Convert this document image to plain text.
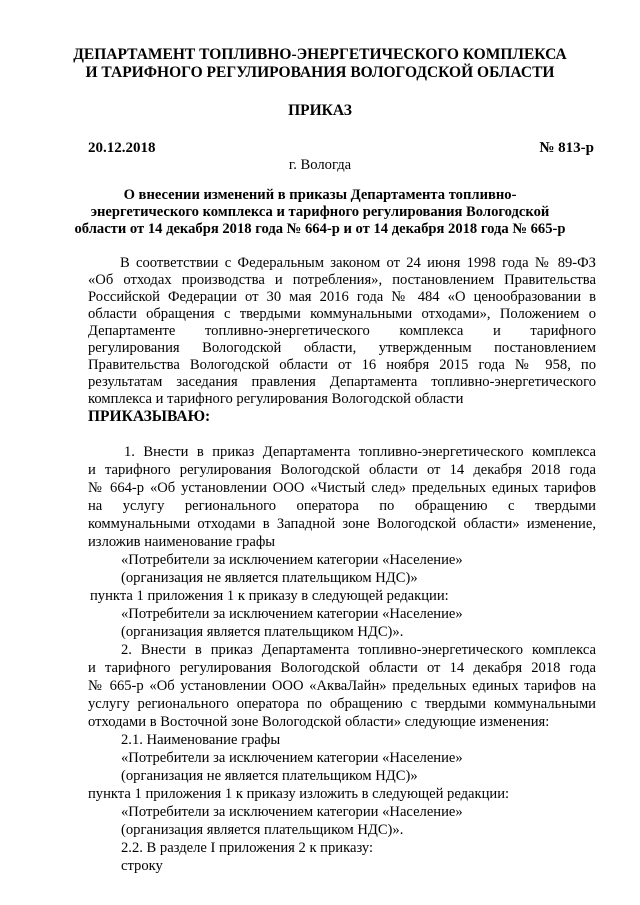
ДЕПАРТАМЕНТ ТОПЛИВНО-ЭНЕРГЕТИЧЕСКОГО КОМПЛЕКСА
И ТАРИФНОГО РЕГУЛИРОВАНИЯ ВОЛОГОДСКОЙ ОБЛАСТИ
ПРИКАЗ
20.12.2018	№ 813-р
г. Вологда
О внесении изменений в приказы Департамента топливно-
энергетического комплекса и тарифного регулирования Вологодской
области от 14 декабря 2018 года № 664-р и от 14 декабря 2018 года № 665-р
В соответствии с Федеральным законом от 24 июня 1998 года № 89-ФЗ
«Об отходах производства и потребления», постановлением Правительства
Российской Федерации от 30 мая 2016 года № 484 «О ценообразовании в
области обращения с твердыми коммунальными отходами», Положением о
Департаменте топливно-энергетического комплекса и тарифного
регулирования Вологодской области, утвержденным постановлением
Правительства Вологодской области от 16 ноября 2015 года № 958, по
результатам заседания правления Департамента топливно-энергетического
комплекса и тарифного регулирования Вологодской области
ПРИКАЗЫВАЮ:
1. Внести в приказ Департамента топливно-энергетического комплекса
и тарифного регулирования Вологодской области от 14 декабря 2018 года
№ 664-р «Об установлении ООО «Чистый след» предельных единых тарифов
на услугу регионального оператора по обращению с твердыми
коммунальными отходами в Западной зоне Вологодской области» изменение,
изложив наименование графы
«Потребители за исключением категории «Население»
(организация не является плательщиком НДС)»
пункта 1 приложения 1 к приказу в следующей редакции:
«Потребители за исключением категории «Население»
(организация является плательщиком НДС)».
2. Внести в приказ Департамента топливно-энергетического комплекса
и тарифного регулирования Вологодской области от 14 декабря 2018 года
№ 665-р «Об установлении ООО «АкваЛайн» предельных единых тарифов на
услугу регионального оператора по обращению с твердыми коммунальными
отходами в Восточной зоне Вологодской области» следующие изменения:
2.1. Наименование графы
«Потребители за исключением категории «Население»
(организация не является плательщиком НДС)»
пункта 1 приложения 1 к приказу изложить в следующей редакции:
«Потребители за исключением категории «Население»
(организация является плательщиком НДС)».
2.2. В разделе I приложения 2 к приказу:
строку
